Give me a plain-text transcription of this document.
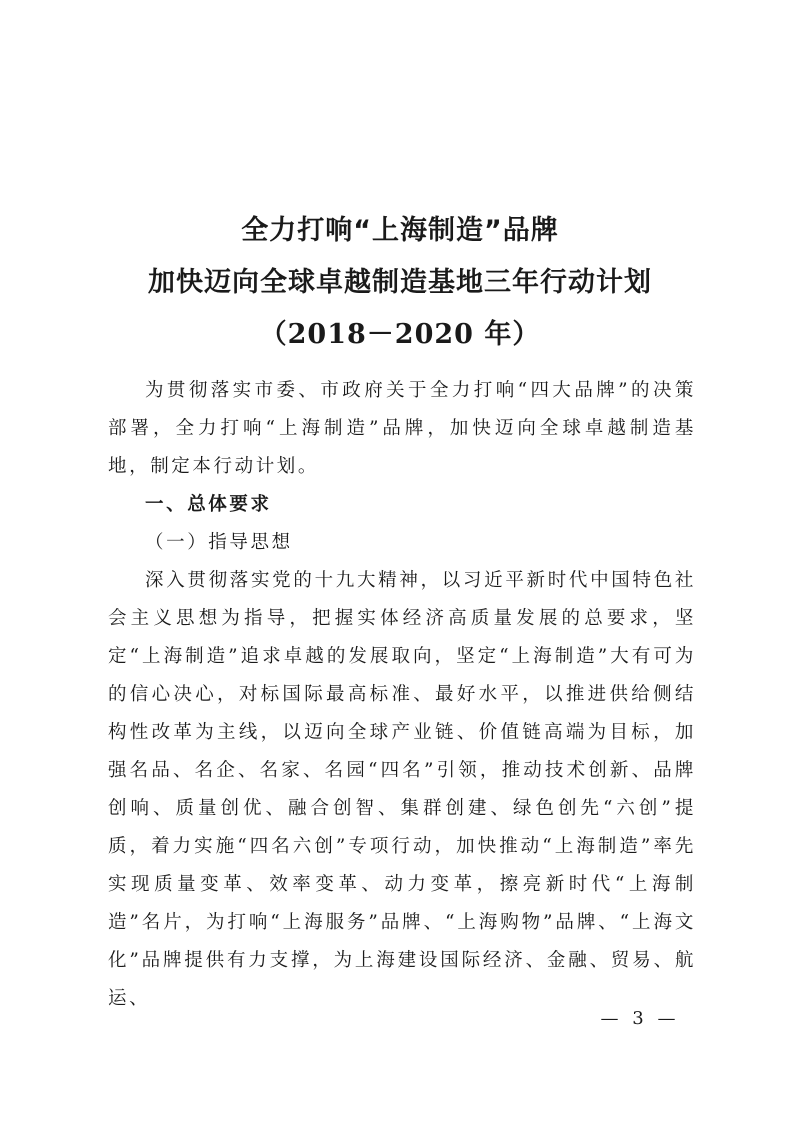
全力打响“上海制造”品牌
加快迈向全球卓越制造基地三年行动计划
（2018－2020 年）

为贯彻落实市委、市政府关于全力打响“四大品牌”的决策部署，全力打响“上海制造”品牌，加快迈向全球卓越制造基地，制定本行动计划。

一、总体要求

（一）指导思想

深入贯彻落实党的十九大精神，以习近平新时代中国特色社会主义思想为指导，把握实体经济高质量发展的总要求，坚定“上海制造”追求卓越的发展取向，坚定“上海制造”大有可为的信心决心，对标国际最高标准、最好水平，以推进供给侧结构性改革为主线，以迈向全球产业链、价值链高端为目标，加强名品、名企、名家、名园“四名”引领，推动技术创新、品牌创响、质量创优、融合创智、集群创建、绿色创先“六创”提质，着力实施“四名六创”专项行动，加快推动“上海制造”率先实现质量变革、效率变革、动力变革，擦亮新时代“上海制造”名片，为打响“上海服务”品牌、“上海购物”品牌、“上海文化”品牌提供有力支撑，为上海建设国际经济、金融、贸易、航运、

— 3 —
